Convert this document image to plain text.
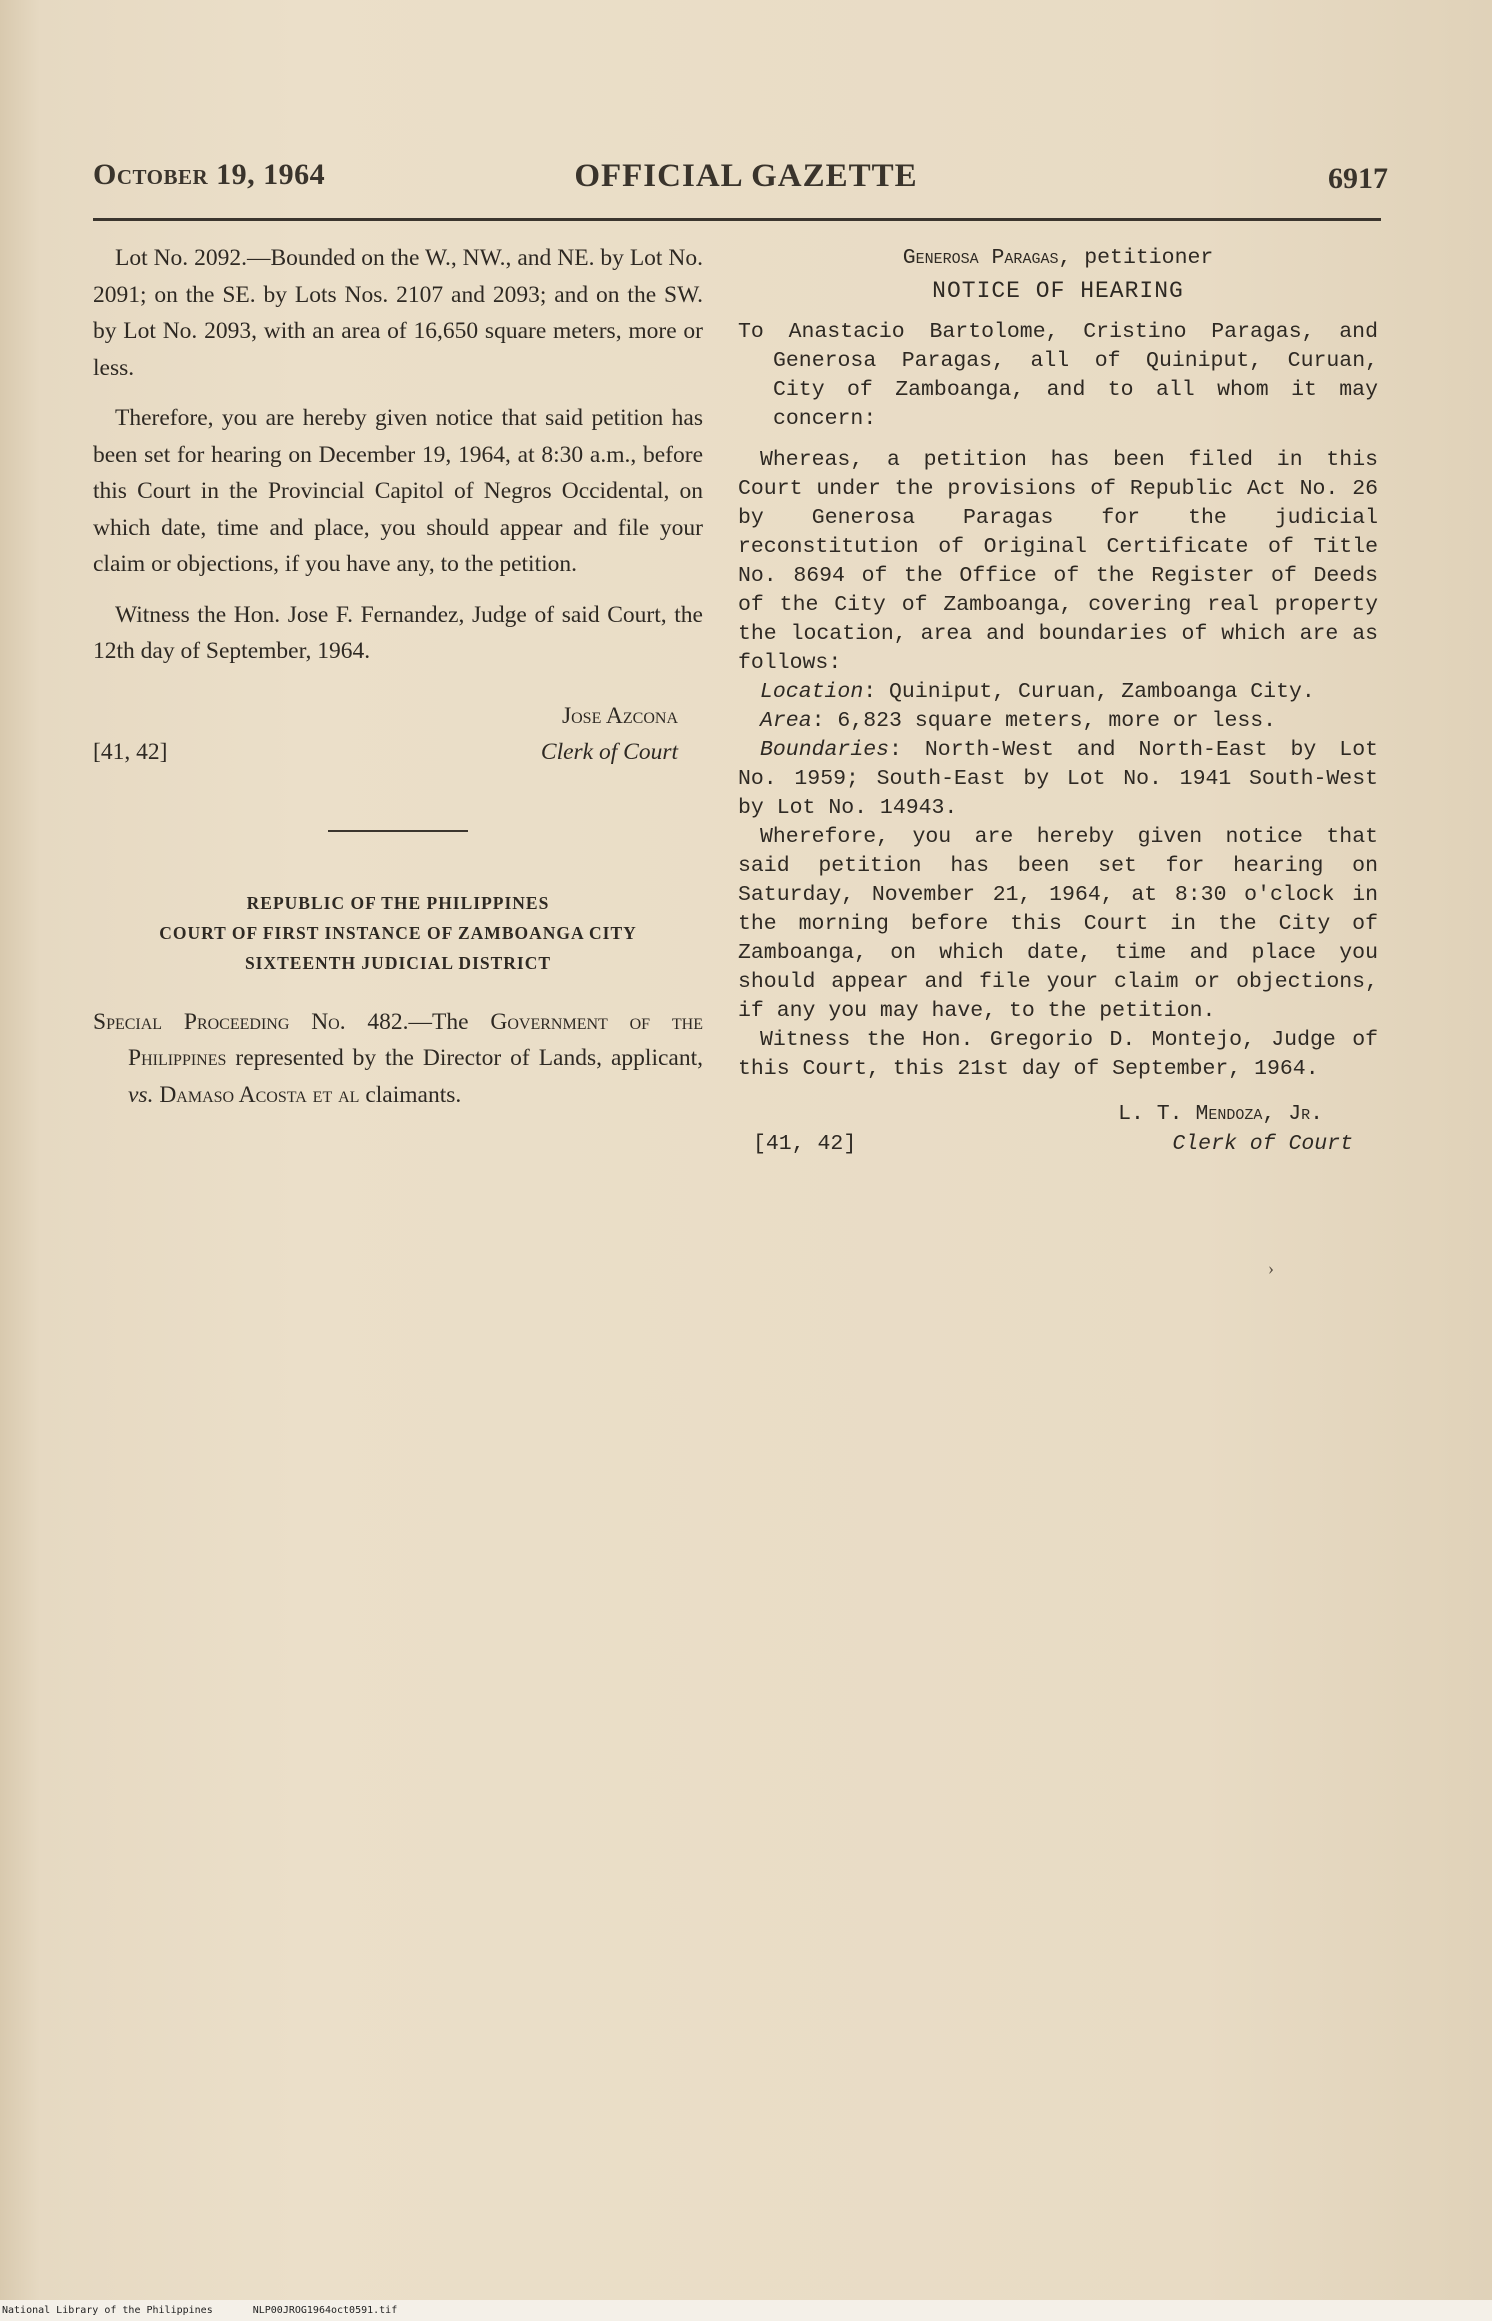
October 19, 1964	OFFICIAL GAZETTE	6917

Lot No. 2092.—Bounded on the W., NW., and NE. by Lot No. 2091; on the SE. by Lots Nos. 2107 and 2093; and on the SW. by Lot No. 2093, with an area of 16,650 square meters, more or less.

Therefore, you are hereby given notice that said petition has been set for hearing on December 19, 1964, at 8:30 a.m., before this Court in the Provincial Capitol of Negros Occidental, on which date, time and place, you should appear and file your claim or objections, if you have any, to the petition.

Witness the Hon. Jose F. Fernandez, Judge of said Court, the 12th day of September, 1964.

Jose Azcona
Clerk of Court
[41, 42]
REPUBLIC OF THE PHILIPPINES
COURT OF FIRST INSTANCE OF ZAMBOANGA CITY
SIXTEENTH JUDICIAL DISTRICT

Special Proceeding No. 482.—The Government of the Philippines represented by the Director of Lands, applicant, vs. Damaso Acosta et al claimants.

Generosa Paragas, petitioner
NOTICE OF HEARING

To Anastacio Bartolome, Cristino Paragas, and Generosa Paragas, all of Quiniput, Curuan, City of Zamboanga, and to all whom it may concern:

Whereas, a petition has been filed in this Court under the provisions of Republic Act No. 26 by Generosa Paragas for the judicial reconstitution of Original Certificate of Title No. 8694 of the Office of the Register of Deeds of the City of Zamboanga, covering real property the location, area and boundaries of which are as follows:

Location: Quiniput, Curuan, Zamboanga City.

Area: 6,823 square meters, more or less.

Boundaries: North-West and North-East by Lot No. 1959; South-East by Lot No. 1941 South-West by Lot No. 14943.

Wherefore, you are hereby given notice that said petition has been set for hearing on Saturday, November 21, 1964, at 8:30 o'clock in the morning before this Court in the City of Zamboanga, on which date, time and place you should appear and file your claim or objections, if any you may have, to the petition.

Witness the Hon. Gregorio D. Montejo, Judge of this Court, this 21st day of September, 1964.

L. T. Mendoza, Jr.
Clerk of Court
[41, 42]
›
National Library of the Philippines	NLP00JROG1964oct0591.tif
